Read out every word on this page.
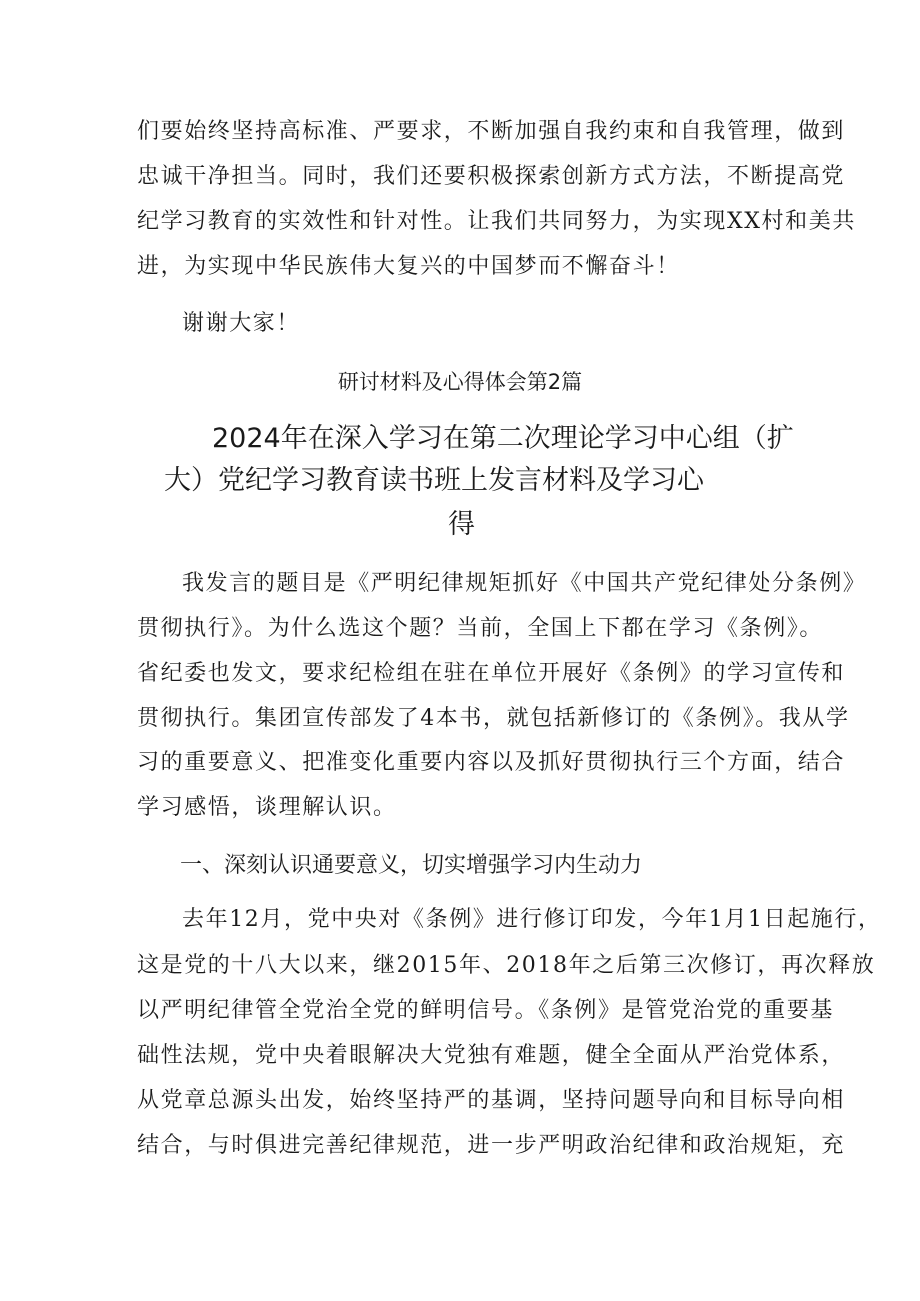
们要始终坚持高标准、严要求，不断加强自我约束和自我管理，做到
忠诚干净担当。同时，我们还要积极探索创新方式方法，不断提高党
纪学习教育的实效性和针对性。让我们共同努力，为实现XX村和美共
进，为实现中华民族伟大复兴的中国梦而不懈奋斗！
谢谢大家！
研讨材料及心得体会第2篇
2024年在深入学习在第二次理论学习中心组（扩
大）党纪学习教育读书班上发言材料及学习心
得
我发言的题目是《严明纪律规矩抓好《中国共产党纪律处分条例》
贯彻执行》。为什么选这个题？当前，全国上下都在学习《条例》。
省纪委也发文，要求纪检组在驻在单位开展好《条例》的学习宣传和
贯彻执行。集团宣传部发了4本书，就包括新修订的《条例》。我从学
习的重要意义、把准变化重要内容以及抓好贯彻执行三个方面，结合
学习感悟，谈理解认识。
一、深刻认识通要意义，切实增强学习内生动力
去年12月，党中央对《条例》进行修订印发，今年1月1日起施行，
这是党的十八大以来，继2015年、2018年之后第三次修订，再次释放
以严明纪律管全党治全党的鲜明信号。《条例》是管党治党的重要基
础性法规，党中央着眼解决大党独有难题，健全全面从严治党体系，
从党章总源头出发，始终坚持严的基调，坚持问题导向和目标导向相
结合，与时俱进完善纪律规范，进一步严明政治纪律和政治规矩，充
